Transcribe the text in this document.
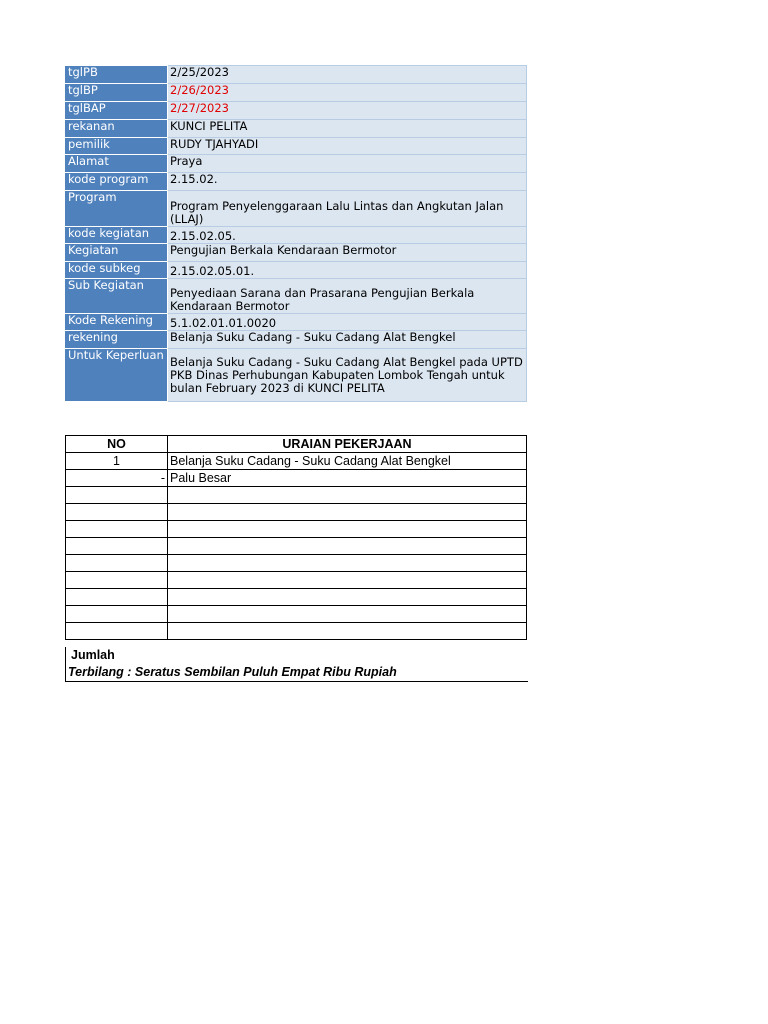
tglPB	2/25/2023
tglBP	2/26/2023
tglBAP	2/27/2023
rekanan	KUNCI PELITA
pemilik	RUDY TJAHYADI
Alamat	Praya
kode program	2.15.02.
Program	Program Penyelenggaraan Lalu Lintas dan Angkutan Jalan (LLAJ)
kode kegiatan	2.15.02.05.
Kegiatan	Pengujian Berkala Kendaraan Bermotor
kode subkeg	2.15.02.05.01.
Sub Kegiatan	Penyediaan Sarana dan Prasarana Pengujian Berkala Kendaraan Bermotor
Kode Rekening	5.1.02.01.01.0020
rekening	Belanja Suku Cadang - Suku Cadang Alat Bengkel
Untuk Keperluan	Belanja Suku Cadang - Suku Cadang Alat Bengkel pada UPTD PKB Dinas Perhubungan Kabupaten Lombok Tengah untuk bulan February 2023 di KUNCI PELITA
NO	URAIAN PEKERJAAN
1	Belanja Suku Cadang - Suku Cadang Alat Bengkel
-	Palu Besar

Jumlah
Terbilang : Seratus Sembilan Puluh Empat Ribu Rupiah
